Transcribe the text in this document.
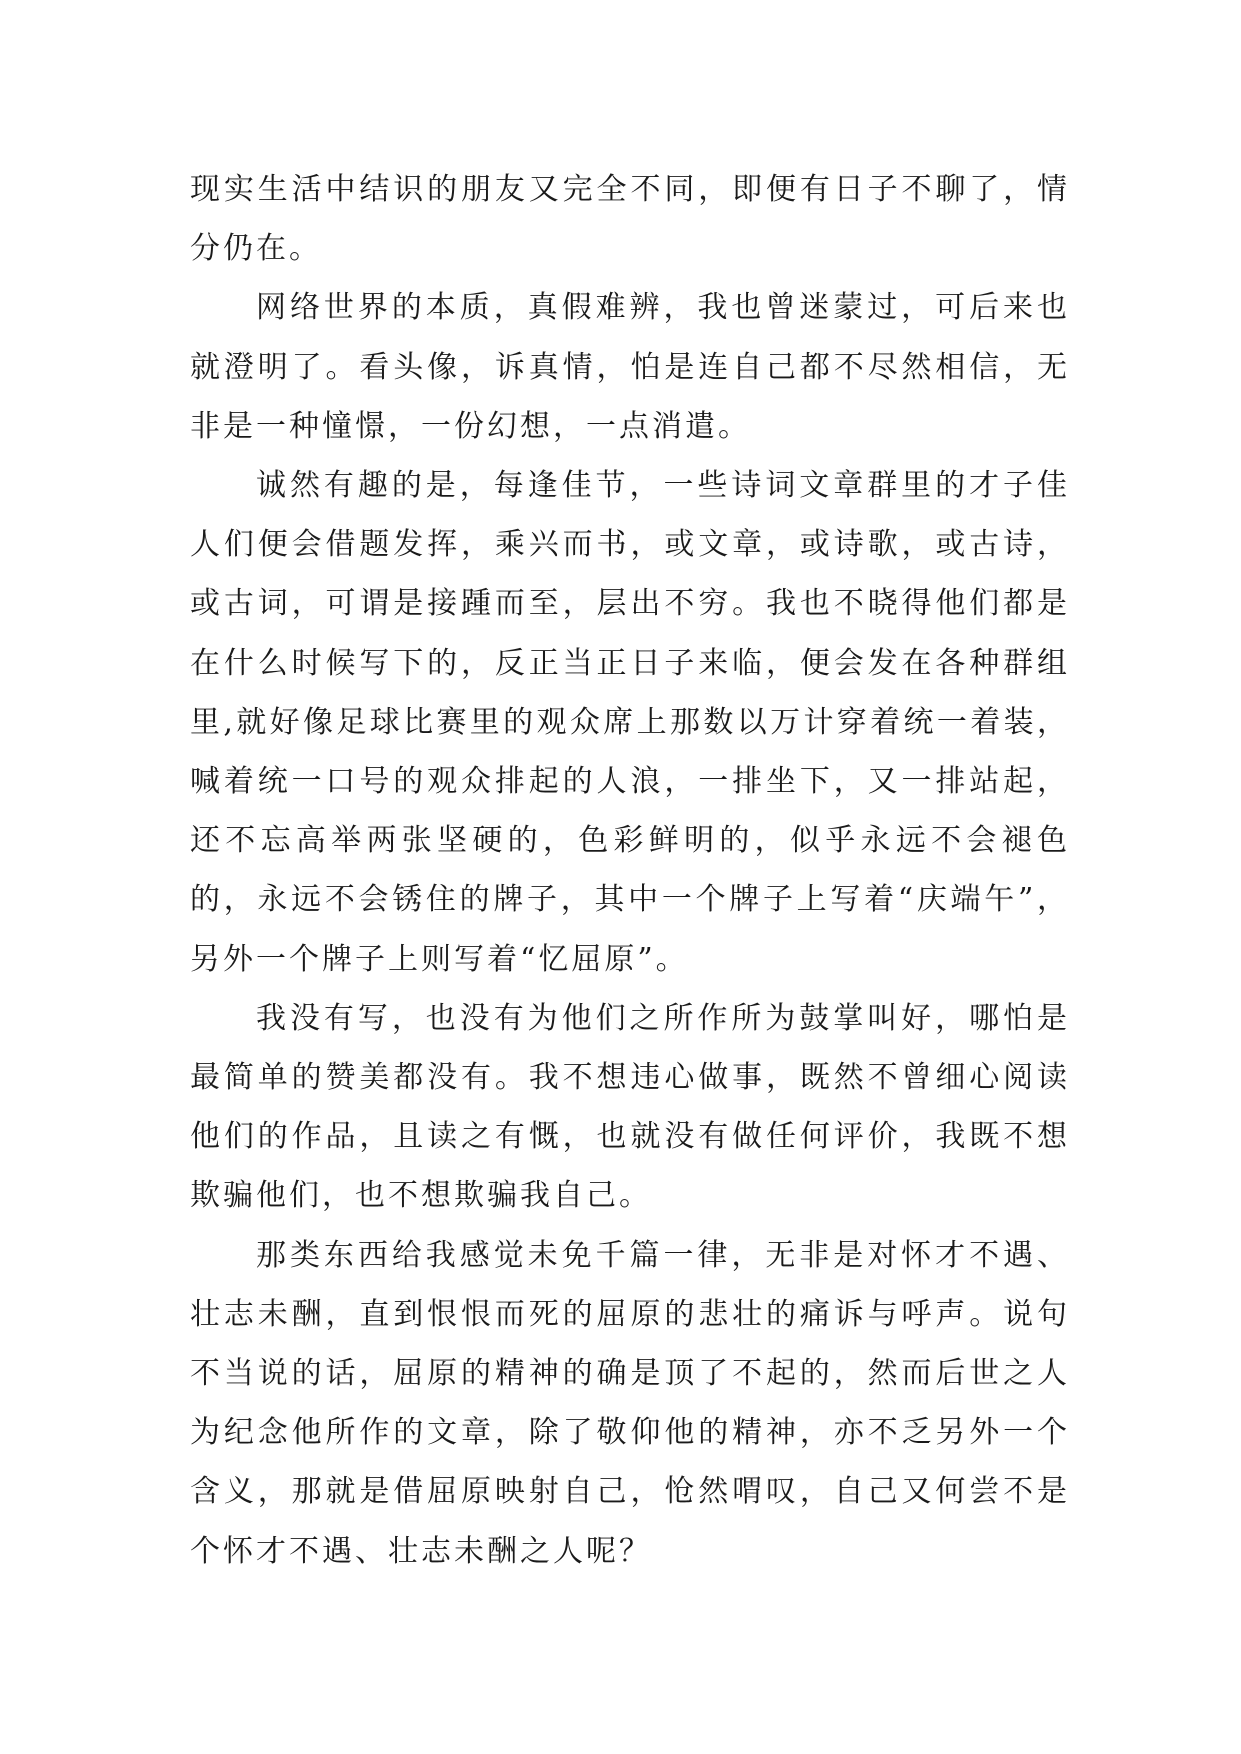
现实生活中结识的朋友又完全不同，即便有日子不聊了，情分仍在。

网络世界的本质，真假难辨，我也曾迷蒙过，可后来也就澄明了。看头像，诉真情，怕是连自己都不尽然相信，无非是一种憧憬，一份幻想，一点消遣。

诚然有趣的是，每逢佳节，一些诗词文章群里的才子佳人们便会借题发挥，乘兴而书，或文章，或诗歌，或古诗，或古词，可谓是接踵而至，层出不穷。我也不晓得他们都是在什么时候写下的，反正当正日子来临，便会发在各种群组里,就好像足球比赛里的观众席上那数以万计穿着统一着装，喊着统一口号的观众排起的人浪，一排坐下，又一排站起，还不忘高举两张坚硬的，色彩鲜明的，似乎永远不会褪色的，永远不会锈住的牌子，其中一个牌子上写着“庆端午”，另外一个牌子上则写着“忆屈原”。

我没有写，也没有为他们之所作所为鼓掌叫好，哪怕是最简单的赞美都没有。我不想违心做事，既然不曾细心阅读他们的作品，且读之有慨，也就没有做任何评价，我既不想欺骗他们，也不想欺骗我自己。

那类东西给我感觉未免千篇一律，无非是对怀才不遇、壮志未酬，直到恨恨而死的屈原的悲壮的痛诉与呼声。说句不当说的话，屈原的精神的确是顶了不起的，然而后世之人为纪念他所作的文章，除了敬仰他的精神，亦不乏另外一个含义，那就是借屈原映射自己，怆然喟叹，自己又何尝不是个怀才不遇、壮志未酬之人呢？
